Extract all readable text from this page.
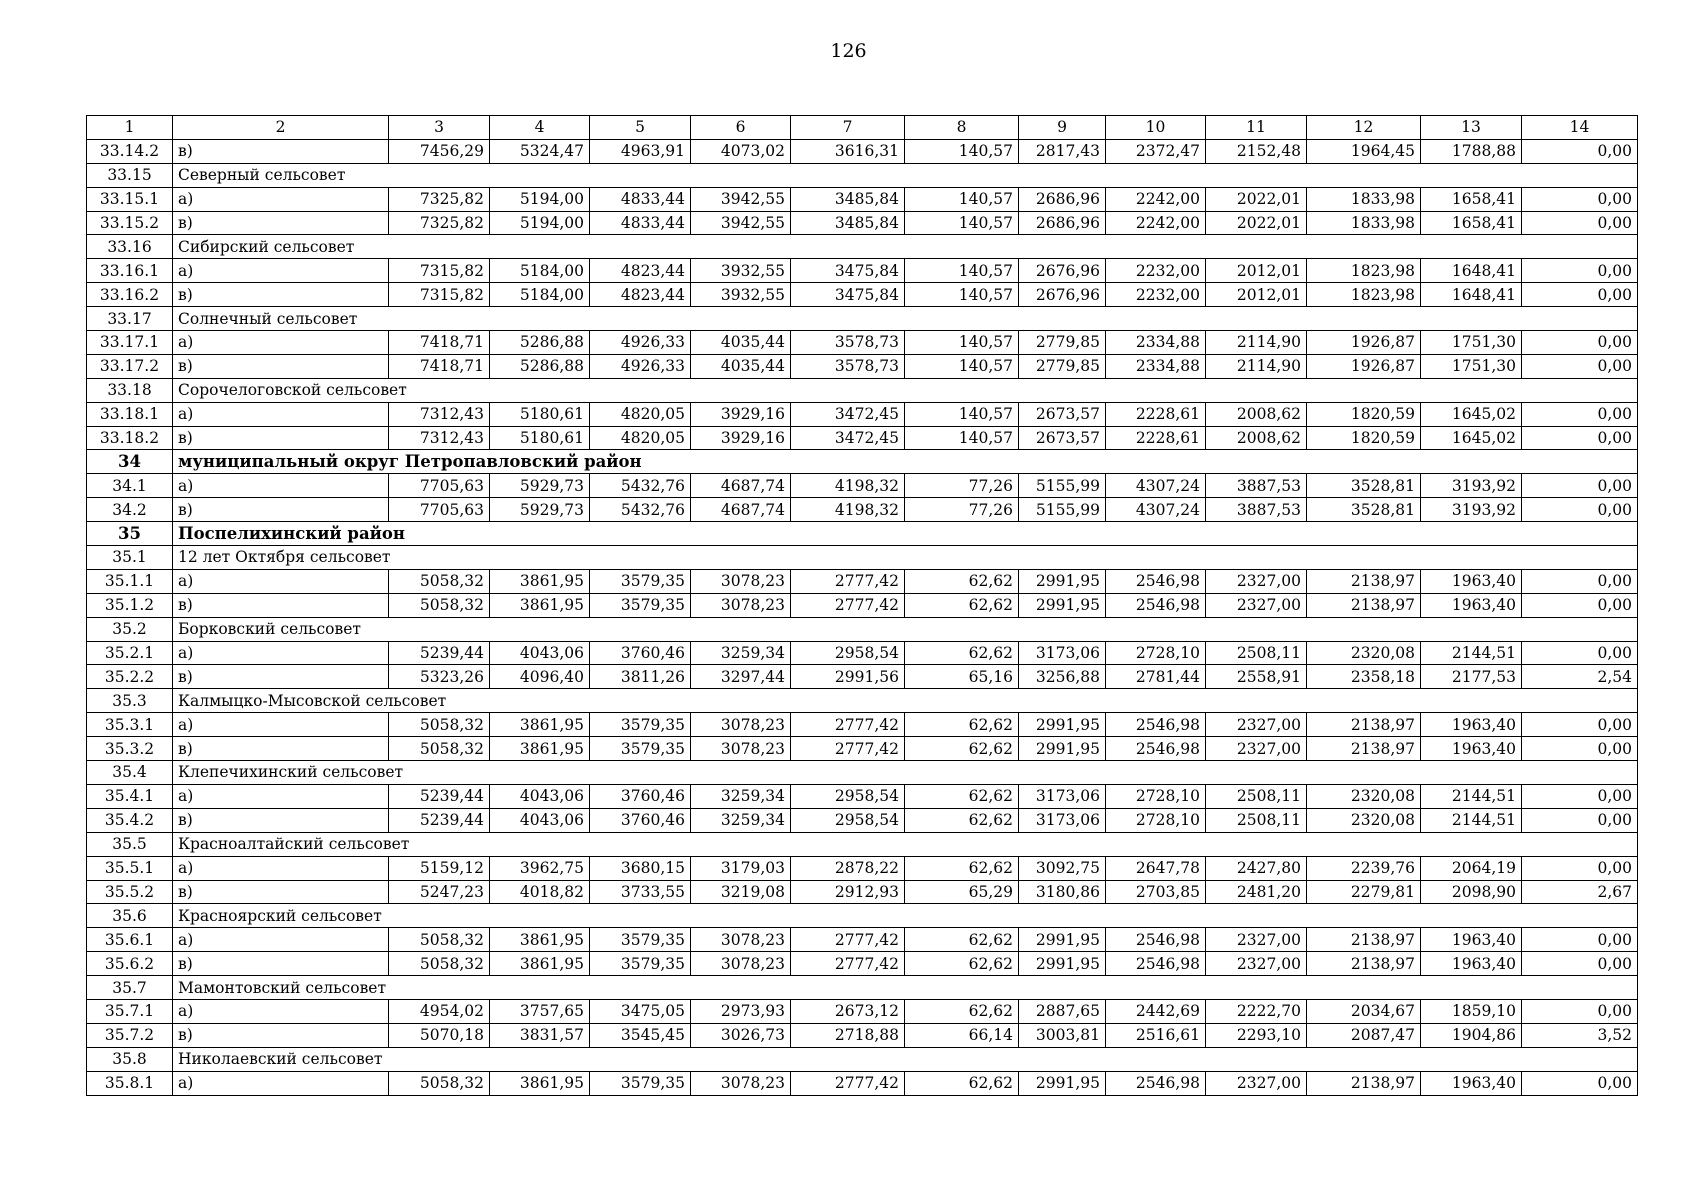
126
1	2	3	4	5	6	7	8	9	10	11	12	13	14
33.14.2	в)	7456,29	5324,47	4963,91	4073,02	3616,31	140,57	2817,43	2372,47	2152,48	1964,45	1788,88	0,00
33.15	Северный сельсовет												
33.15.1	а)	7325,82	5194,00	4833,44	3942,55	3485,84	140,57	2686,96	2242,00	2022,01	1833,98	1658,41	0,00
33.15.2	в)	7325,82	5194,00	4833,44	3942,55	3485,84	140,57	2686,96	2242,00	2022,01	1833,98	1658,41	0,00
33.16	Сибирский сельсовет												
33.16.1	а)	7315,82	5184,00	4823,44	3932,55	3475,84	140,57	2676,96	2232,00	2012,01	1823,98	1648,41	0,00
33.16.2	в)	7315,82	5184,00	4823,44	3932,55	3475,84	140,57	2676,96	2232,00	2012,01	1823,98	1648,41	0,00
33.17	Солнечный сельсовет												
33.17.1	а)	7418,71	5286,88	4926,33	4035,44	3578,73	140,57	2779,85	2334,88	2114,90	1926,87	1751,30	0,00
33.17.2	в)	7418,71	5286,88	4926,33	4035,44	3578,73	140,57	2779,85	2334,88	2114,90	1926,87	1751,30	0,00
33.18	Сорочелоговской сельсовет												
33.18.1	а)	7312,43	5180,61	4820,05	3929,16	3472,45	140,57	2673,57	2228,61	2008,62	1820,59	1645,02	0,00
33.18.2	в)	7312,43	5180,61	4820,05	3929,16	3472,45	140,57	2673,57	2228,61	2008,62	1820,59	1645,02	0,00
34	муниципальный округ Петропавловский район												
34.1	а)	7705,63	5929,73	5432,76	4687,74	4198,32	77,26	5155,99	4307,24	3887,53	3528,81	3193,92	0,00
34.2	в)	7705,63	5929,73	5432,76	4687,74	4198,32	77,26	5155,99	4307,24	3887,53	3528,81	3193,92	0,00
35	Поспелихинский район												
35.1	12 лет Октября сельсовет												
35.1.1	а)	5058,32	3861,95	3579,35	3078,23	2777,42	62,62	2991,95	2546,98	2327,00	2138,97	1963,40	0,00
35.1.2	в)	5058,32	3861,95	3579,35	3078,23	2777,42	62,62	2991,95	2546,98	2327,00	2138,97	1963,40	0,00
35.2	Борковский сельсовет												
35.2.1	а)	5239,44	4043,06	3760,46	3259,34	2958,54	62,62	3173,06	2728,10	2508,11	2320,08	2144,51	0,00
35.2.2	в)	5323,26	4096,40	3811,26	3297,44	2991,56	65,16	3256,88	2781,44	2558,91	2358,18	2177,53	2,54
35.3	Калмыцко-Мысовской сельсовет												
35.3.1	а)	5058,32	3861,95	3579,35	3078,23	2777,42	62,62	2991,95	2546,98	2327,00	2138,97	1963,40	0,00
35.3.2	в)	5058,32	3861,95	3579,35	3078,23	2777,42	62,62	2991,95	2546,98	2327,00	2138,97	1963,40	0,00
35.4	Клепечихинский сельсовет												
35.4.1	а)	5239,44	4043,06	3760,46	3259,34	2958,54	62,62	3173,06	2728,10	2508,11	2320,08	2144,51	0,00
35.4.2	в)	5239,44	4043,06	3760,46	3259,34	2958,54	62,62	3173,06	2728,10	2508,11	2320,08	2144,51	0,00
35.5	Красноалтайский сельсовет												
35.5.1	а)	5159,12	3962,75	3680,15	3179,03	2878,22	62,62	3092,75	2647,78	2427,80	2239,76	2064,19	0,00
35.5.2	в)	5247,23	4018,82	3733,55	3219,08	2912,93	65,29	3180,86	2703,85	2481,20	2279,81	2098,90	2,67
35.6	Красноярский сельсовет												
35.6.1	а)	5058,32	3861,95	3579,35	3078,23	2777,42	62,62	2991,95	2546,98	2327,00	2138,97	1963,40	0,00
35.6.2	в)	5058,32	3861,95	3579,35	3078,23	2777,42	62,62	2991,95	2546,98	2327,00	2138,97	1963,40	0,00
35.7	Мамонтовский сельсовет												
35.7.1	а)	4954,02	3757,65	3475,05	2973,93	2673,12	62,62	2887,65	2442,69	2222,70	2034,67	1859,10	0,00
35.7.2	в)	5070,18	3831,57	3545,45	3026,73	2718,88	66,14	3003,81	2516,61	2293,10	2087,47	1904,86	3,52
35.8	Николаевский сельсовет												
35.8.1	а)	5058,32	3861,95	3579,35	3078,23	2777,42	62,62	2991,95	2546,98	2327,00	2138,97	1963,40	0,00
